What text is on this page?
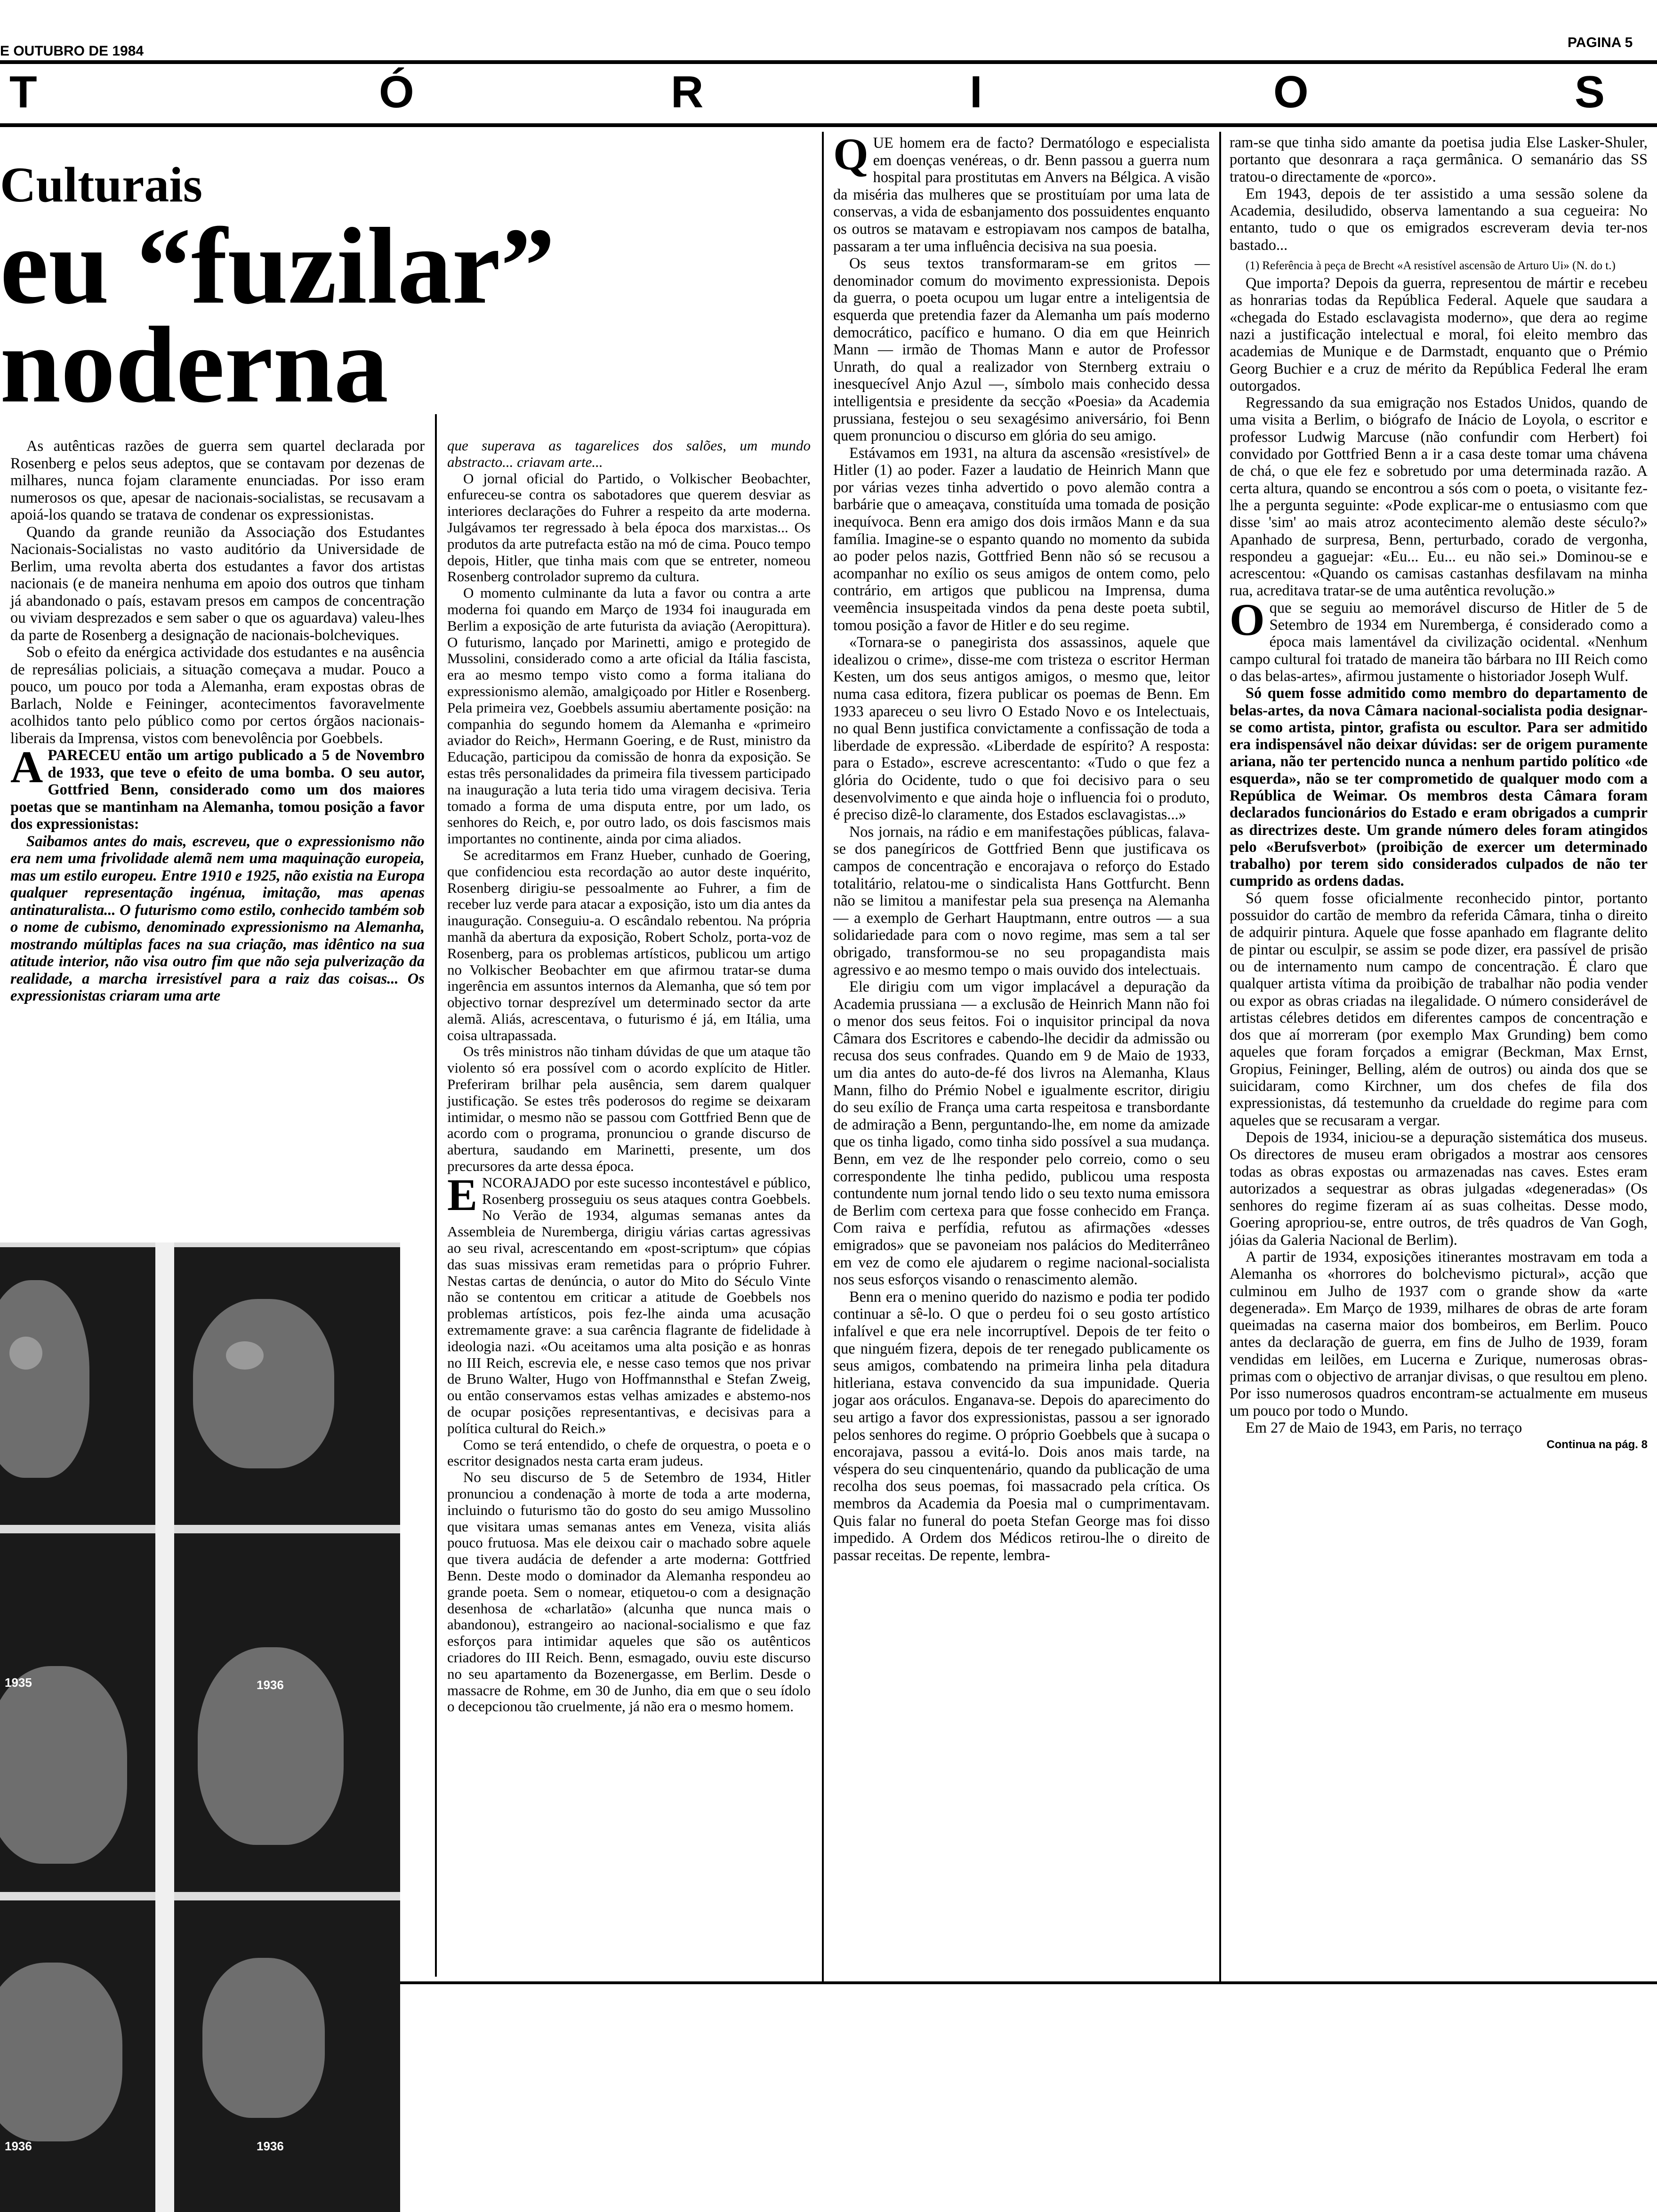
E OUTUBRO DE 1984
PAGINA 5
T	Ó	R	I	O	S
Culturais
eu “fuzilar”
noderna
1935	1936
1936	1936

As autênticas razões de guerra sem quartel declarada por Rosenberg e pelos seus adeptos, que se contavam por dezenas de milhares, nunca fojam claramente enunciadas. Por isso eram numerosos os que, apesar de nacionais-socialistas, se recusavam a apoiá-los quando se tratava de condenar os expressionistas.

Quando da grande reunião da Associação dos Estudantes Nacionais-Socialistas no vasto auditório da Universidade de Berlim, uma revolta aberta dos estudantes a favor dos artistas nacionais (e de maneira nenhuma em apoio dos outros que tinham já abandonado o país, estavam presos em campos de concentração ou viviam desprezados e sem saber o que os aguardava) valeu-lhes da parte de Rosenberg a designação de nacionais-bolcheviques.

Sob o efeito da enérgica actividade dos estudantes e na ausência de represálias policiais, a situação começava a mudar. Pouco a pouco, um pouco por toda a Alemanha, eram expostas obras de Barlach, Nolde e Feininger, acontecimentos favoravelmente acolhidos tanto pelo público como por certos órgãos nacionais-liberais da Imprensa, vistos com benevolência por Goebbels.

APARECEU então um artigo publicado a 5 de Novembro de 1933, que teve o efeito de uma bomba. O seu autor, Gottfried Benn, considerado como um dos maiores poetas que se mantinham na Alemanha, tomou posição a favor dos expressionistas:

Saibamos antes do mais, escreveu, que o expressionismo não era nem uma frivolidade alemã nem uma maquinação europeia, mas um estilo europeu. Entre 1910 e 1925, não existia na Europa qualquer representação ingénua, imitação, mas apenas antinaturalista... O futurismo como estilo, conhecido também sob o nome de cubismo, denominado expressionismo na Alemanha, mostrando múltiplas faces na sua criação, mas idêntico na sua atitude interior, não visa outro fim que não seja pulverização da realidade, a marcha irresistível para a raiz das coisas... Os expressionistas criaram uma arte

que superava as tagarelices dos salões, um mundo abstracto... criavam arte...

O jornal oficial do Partido, o Volkischer Beobachter, enfureceu-se contra os sabotadores que querem desviar as interiores declarações do Fuhrer a respeito da arte moderna. Julgávamos ter regressado à bela época dos marxistas... Os produtos da arte putrefacta estão na mó de cima. Pouco tempo depois, Hitler, que tinha mais com que se entreter, nomeou Rosenberg controlador supremo da cultura.

O momento culminante da luta a favor ou contra a arte moderna foi quando em Março de 1934 foi inaugurada em Berlim a exposição de arte futurista da aviação (Aeropittura). O futurismo, lançado por Marinetti, amigo e protegido de Mussolini, considerado como a arte oficial da Itália fascista, era ao mesmo tempo visto como a forma italiana do expressionismo alemão, amalgiçoado por Hitler e Rosenberg. Pela primeira vez, Goebbels assumiu abertamente posição: na companhia do segundo homem da Alemanha e «primeiro aviador do Reich», Hermann Goering, e de Rust, ministro da Educação, participou da comissão de honra da exposição. Se estas três personalidades da primeira fila tivessem participado na inauguração a luta teria tido uma viragem decisiva. Teria tomado a forma de uma disputa entre, por um lado, os senhores do Reich, e, por outro lado, os dois fascismos mais importantes no continente, ainda por cima aliados.

Se acreditarmos em Franz Hueber, cunhado de Goering, que confidenciou esta recordação ao autor deste inquérito, Rosenberg dirigiu-se pessoalmente ao Fuhrer, a fim de receber luz verde para atacar a exposição, isto um dia antes da inauguração. Conseguiu-a. O escândalo rebentou. Na própria manhã da abertura da exposição, Robert Scholz, porta-voz de Rosenberg, para os problemas artísticos, publicou um artigo no Volkischer Beobachter em que afirmou tratar-se duma ingerência em assuntos internos da Alemanha, que só tem por objectivo tornar desprezível um determinado sector da arte alemã. Aliás, acrescentava, o futurismo é já, em Itália, uma coisa ultrapassada.

Os três ministros não tinham dúvidas de que um ataque tão violento só era possível com o acordo explícito de Hitler. Preferiram brilhar pela ausência, sem darem qualquer justificação. Se estes três poderosos do regime se deixaram intimidar, o mesmo não se passou com Gottfried Benn que de acordo com o programa, pronunciou o grande discurso de abertura, saudando em Marinetti, presente, um dos precursores da arte dessa época.

ENCORAJADO por este sucesso incontestável e público, Rosenberg prosseguiu os seus ataques contra Goebbels. No Verão de 1934, algumas semanas antes da Assembleia de Nuremberga, dirigiu várias cartas agressivas ao seu rival, acrescentando em «post-scriptum» que cópias das suas missivas eram remetidas para o próprio Fuhrer. Nestas cartas de denúncia, o autor do Mito do Século Vinte não se contentou em criticar a atitude de Goebbels nos problemas artísticos, pois fez-lhe ainda uma acusação extremamente grave: a sua carência flagrante de fidelidade à ideologia nazi. «Ou aceitamos uma alta posição e as honras no III Reich, escrevia ele, e nesse caso temos que nos privar de Bruno Walter, Hugo von Hoffmannsthal e Stefan Zweig, ou então conservamos estas velhas amizades e abstemo-nos de ocupar posições representantivas, e decisivas para a política cultural do Reich.»

Como se terá entendido, o chefe de orquestra, o poeta e o escritor designados nesta carta eram judeus.

No seu discurso de 5 de Setembro de 1934, Hitler pronunciou a condenação à morte de toda a arte moderna, incluindo o futurismo tão do gosto do seu amigo Mussolino que visitara umas semanas antes em Veneza, visita aliás pouco frutuosa. Mas ele deixou cair o machado sobre aquele que tivera audácia de defender a arte moderna: Gottfried Benn. Deste modo o dominador da Alemanha respondeu ao grande poeta. Sem o nomear, etiquetou-o com a designação desenhosa de «charlatão» (alcunha que nunca mais o abandonou), estrangeiro ao nacional-socialismo e que faz esforços para intimidar aqueles que são os autênticos criadores do III Reich. Benn, esmagado, ouviu este discurso no seu apartamento da Bozenergasse, em Berlim. Desde o massacre de Rohme, em 30 de Junho, dia em que o seu ídolo o decepcionou tão cruelmente, já não era o mesmo homem.

QUE homem era de facto? Dermatólogo e especialista em doenças venéreas, o dr. Benn passou a guerra num hospital para prostitutas em Anvers na Bélgica. A visão da miséria das mulheres que se prostituíam por uma lata de conservas, a vida de esbanjamento dos possuidentes enquanto os outros se matavam e estropiavam nos campos de batalha, passaram a ter uma influência decisiva na sua poesia.

Os seus textos transformaram-se em gritos — denominador comum do movimento expressionista. Depois da guerra, o poeta ocupou um lugar entre a inteligentsia de esquerda que pretendia fazer da Alemanha um país moderno democrático, pacífico e humano. O dia em que Heinrich Mann — irmão de Thomas Mann e autor de Professor Unrath, do qual a realizador von Sternberg extraiu o inesquecível Anjo Azul —, símbolo mais conhecido dessa intelligentsia e presidente da secção «Poesia» da Academia prussiana, festejou o seu sexagésimo aniversário, foi Benn quem pronunciou o discurso em glória do seu amigo.

Estávamos em 1931, na altura da ascensão «resistível» de Hitler (1) ao poder. Fazer a laudatio de Heinrich Mann que por várias vezes tinha advertido o povo alemão contra a barbárie que o ameaçava, constituída uma tomada de posição inequívoca. Benn era amigo dos dois irmãos Mann e da sua família. Imagine-se o espanto quando no momento da subida ao poder pelos nazis, Gottfried Benn não só se recusou a acompanhar no exílio os seus amigos de ontem como, pelo contrário, em artigos que publicou na Imprensa, duma veemência insuspeitada vindos da pena deste poeta subtil, tomou posição a favor de Hitler e do seu regime.

«Tornara-se o panegirista dos assassinos, aquele que idealizou o crime», disse-me com tristeza o escritor Herman Kesten, um dos seus antigos amigos, o mesmo que, leitor numa casa editora, fizera publicar os poemas de Benn. Em 1933 apareceu o seu livro O Estado Novo e os Intelectuais, no qual Benn justifica convictamente a confissação de toda a liberdade de expressão. «Liberdade de espírito? A resposta: para o Estado», escreve acrescentanto: «Tudo o que fez a glória do Ocidente, tudo o que foi decisivo para o seu desenvolvimento e que ainda hoje o influencia foi o produto, é preciso dizê-lo claramente, dos Estados esclavagistas...»

Nos jornais, na rádio e em manifestações públicas, falava-se dos panegíricos de Gottfried Benn que justificava os campos de concentração e encorajava o reforço do Estado totalitário, relatou-me o sindicalista Hans Gottfurcht. Benn não se limitou a manifestar pela sua presença na Alemanha — a exemplo de Gerhart Hauptmann, entre outros — a sua solidariedade para com o novo regime, mas sem a tal ser obrigado, transformou-se no seu propagandista mais agressivo e ao mesmo tempo o mais ouvido dos intelectuais.

Ele dirigiu com um vigor implacável a depuração da Academia prussiana — a exclusão de Heinrich Mann não foi o menor dos seus feitos. Foi o inquisitor principal da nova Câmara dos Escritores e cabendo-lhe decidir da admissão ou recusa dos seus confrades. Quando em 9 de Maio de 1933, um dia antes do auto-de-fé dos livros na Alemanha, Klaus Mann, filho do Prémio Nobel e igualmente escritor, dirigiu do seu exílio de França uma carta respeitosa e transbordante de admiração a Benn, perguntando-lhe, em nome da amizade que os tinha ligado, como tinha sido possível a sua mudança. Benn, em vez de lhe responder pelo correio, como o seu correspondente lhe tinha pedido, publicou uma resposta contundente num jornal tendo lido o seu texto numa emissora de Berlim com certexa para que fosse conhecido em França. Com raiva e perfídia, refutou as afirmações «desses emigrados» que se pavoneiam nos palácios do Mediterrâneo em vez de como ele ajudarem o regime nacional-socialista nos seus esforços visando o renascimento alemão.

Benn era o menino querido do nazismo e podia ter podido continuar a sê-lo. O que o perdeu foi o seu gosto artístico infalível e que era nele incorruptível. Depois de ter feito o que ninguém fizera, depois de ter renegado publicamente os seus amigos, combatendo na primeira linha pela ditadura hitleriana, estava convencido da sua impunidade. Queria jogar aos oráculos. Enganava-se. Depois do aparecimento do seu artigo a favor dos expressionistas, passou a ser ignorado pelos senhores do regime. O próprio Goebbels que à sucapa o encorajava, passou a evitá-lo. Dois anos mais tarde, na véspera do seu cinquentenário, quando da publicação de uma recolha dos seus poemas, foi massacrado pela crítica. Os membros da Academia da Poesia mal o cumprimentavam. Quis falar no funeral do poeta Stefan George mas foi disso impedido. A Ordem dos Médicos retirou-lhe o direito de passar receitas. De repente, lembra-

ram-se que tinha sido amante da poetisa judia Else Lasker-Shuler, portanto que desonrara a raça germânica. O semanário das SS tratou-o directamente de «porco».

Em 1943, depois de ter assistido a uma sessão solene da Academia, desiludido, observa lamentando a sua cegueira: No entanto, tudo o que os emigrados escreveram devia ter-nos bastado...

(1) Referência à peça de Brecht «A resistível ascensão de Arturo Ui» (N. do t.)

Que importa? Depois da guerra, representou de mártir e recebeu as honrarias todas da República Federal. Aquele que saudara a «chegada do Estado esclavagista moderno», que dera ao regime nazi a justificação intelectual e moral, foi eleito membro das academias de Munique e de Darmstadt, enquanto que o Prémio Georg Buchier e a cruz de mérito da República Federal lhe eram outorgados.

Regressando da sua emigração nos Estados Unidos, quando de uma visita a Berlim, o biógrafo de Inácio de Loyola, o escritor e professor Ludwig Marcuse (não confundir com Herbert) foi convidado por Gottfried Benn a ir a casa deste tomar uma chávena de chá, o que ele fez e sobretudo por uma determinada razão. A certa altura, quando se encontrou a sós com o poeta, o visitante fez-lhe a pergunta seguinte: «Pode explicar-me o entusiasmo com que disse 'sim' ao mais atroz acontecimento alemão deste século?» Apanhado de surpresa, Benn, perturbado, corado de vergonha, respondeu a gaguejar: «Eu... Eu... eu não sei.» Dominou-se e acrescentou: «Quando os camisas castanhas desfilavam na minha rua, acreditava tratar-se de uma autêntica revolução.»

Oque se seguiu ao memorável discurso de Hitler de 5 de Setembro de 1934 em Nuremberga, é considerado como a época mais lamentável da civilização ocidental. «Nenhum campo cultural foi tratado de maneira tão bárbara no III Reich como o das belas-artes», afirmou justamente o historiador Joseph Wulf.

Só quem fosse admitido como membro do departamento de belas-artes, da nova Câmara nacional-socialista podia designar-se como artista, pintor, grafista ou escultor. Para ser admitido era indispensável não deixar dúvidas: ser de origem puramente ariana, não ter pertencido nunca a nenhum partido político «de esquerda», não se ter comprometido de qualquer modo com a República de Weimar. Os membros desta Câmara foram declarados funcionários do Estado e eram obrigados a cumprir as directrizes deste. Um grande número deles foram atingidos pelo «Berufsverbot» (proibição de exercer um determinado trabalho) por terem sido considerados culpados de não ter cumprido as ordens dadas.

Só quem fosse oficialmente reconhecido pintor, portanto possuidor do cartão de membro da referida Câmara, tinha o direito de adquirir pintura. Aquele que fosse apanhado em flagrante delito de pintar ou esculpir, se assim se pode dizer, era passível de prisão ou de internamento num campo de concentração. É claro que qualquer artista vítima da proibição de trabalhar não podia vender ou expor as obras criadas na ilegalidade. O número considerável de artistas célebres detidos em diferentes campos de concentração e dos que aí morreram (por exemplo Max Grunding) bem como aqueles que foram forçados a emigrar (Beckman, Max Ernst, Gropius, Feininger, Belling, além de outros) ou ainda dos que se suicidaram, como Kirchner, um dos chefes de fila dos expressionistas, dá testemunho da crueldade do regime para com aqueles que se recusaram a vergar.

Depois de 1934, iniciou-se a depuração sistemática dos museus. Os directores de museu eram obrigados a mostrar aos censores todas as obras expostas ou armazenadas nas caves. Estes eram autorizados a sequestrar as obras julgadas «degeneradas» (Os senhores do regime fizeram aí as suas colheitas. Desse modo, Goering apropriou-se, entre outros, de três quadros de Van Gogh, jóias da Galeria Nacional de Berlim).

A partir de 1934, exposições itinerantes mostravam em toda a Alemanha os «horrores do bolchevismo pictural», acção que culminou em Julho de 1937 com o grande show da «arte degenerada». Em Março de 1939, milhares de obras de arte foram queimadas na caserna maior dos bombeiros, em Berlim. Pouco antes da declaração de guerra, em fins de Julho de 1939, foram vendidas em leilões, em Lucerna e Zurique, numerosas obras-primas com o objectivo de arranjar divisas, o que resultou em pleno. Por isso numerosos quadros encontram-se actualmente em museus um pouco por todo o Mundo.

Em 27 de Maio de 1943, em Paris, no terraço

Continua na pág. 8
